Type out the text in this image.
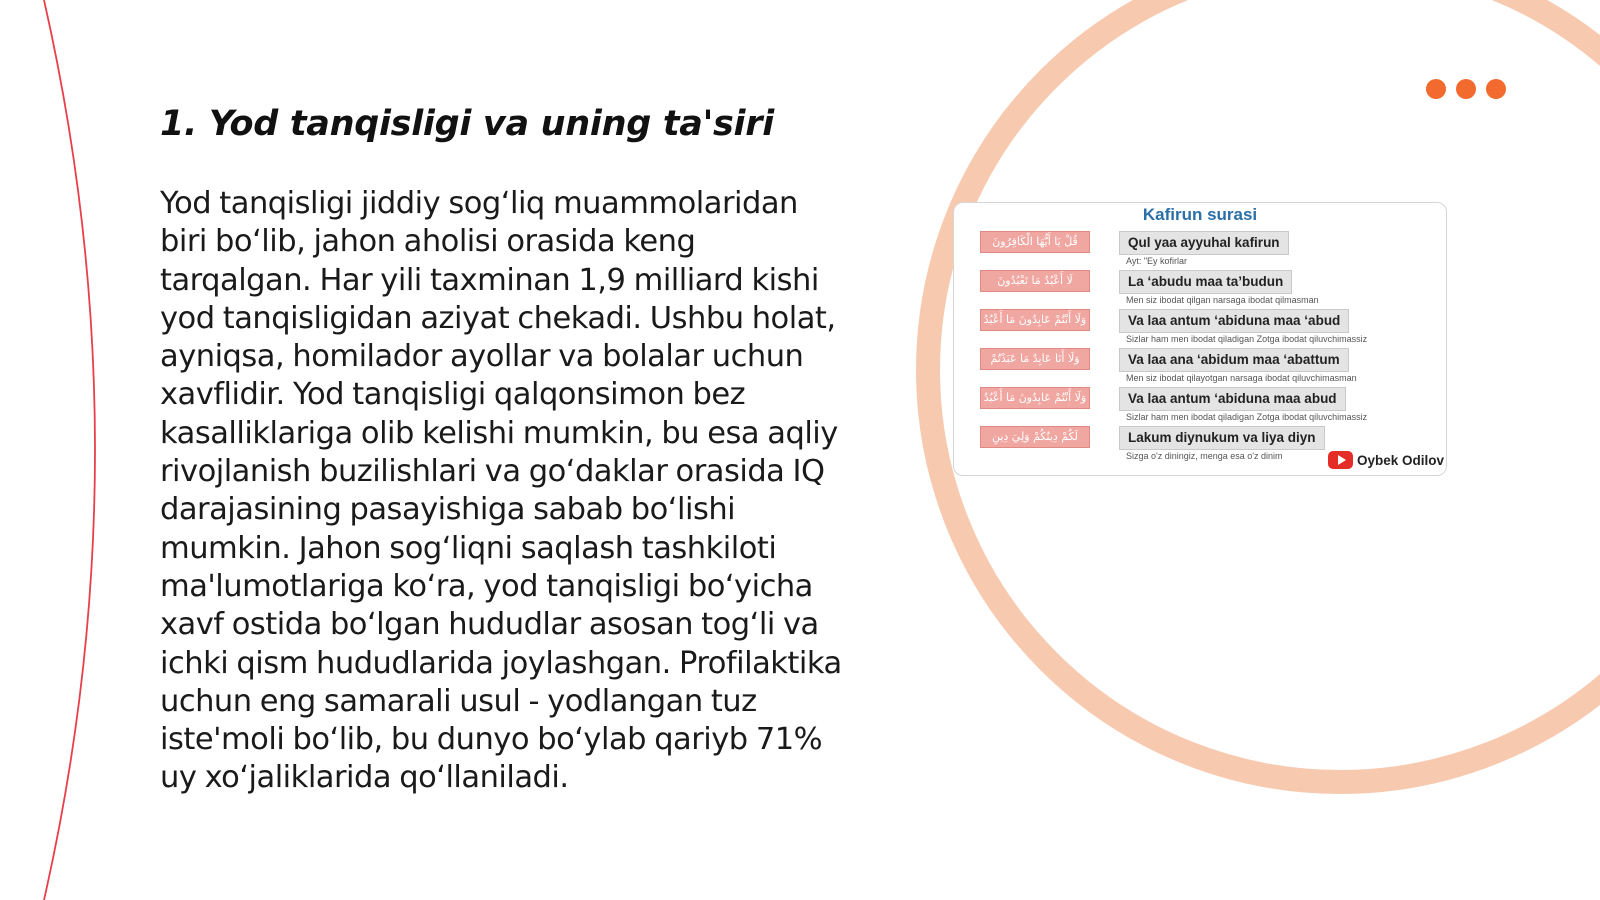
1. Yod tanqisligi va uning ta'siri

Yod tanqisligi jiddiy sogʻliq muammolaridan biri boʻlib, jahon aholisi orasida keng tarqalgan. Har yili taxminan 1,9 milliard kishi yod tanqisligidan aziyat chekadi. Ushbu holat, ayniqsa, homilador ayollar va bolalar uchun xavflidir. Yod tanqisligi qalqonsimon bez kasalliklariga olib kelishi mumkin, bu esa aqliy rivojlanish buzilishlari va goʻdaklar orasida IQ darajasining pasayishiga sabab boʻlishi mumkin. Jahon sogʻliqni saqlash tashkiloti ma'lumotlariga koʻra, yod tanqisligi boʻyicha xavf ostida boʻlgan hududlar asosan togʻli va ichki qism hududlarida joylashgan. Profilaktika uchun eng samarali usul - yodlangan tuz iste'moli boʻlib, bu dunyo boʻylab qariyb 71% uy xoʻjaliklarida qoʻllaniladi.

Kafirun surasi
قُلْ يَا أَيُّهَا الْكَافِرُونَ	Qul yaa ayyuhal kafirun
Ayt: "Ey kofirlar
لَا أَعْبُدُ مَا تَعْبُدُونَ	La ‘abudu maa ta’budun
Men siz ibodat qilgan narsaga ibodat qilmasman
وَلَا أَنْتُمْ عَابِدُونَ مَا أَعْبُدُ	Va laa antum ‘abiduna maa ‘abud
Sizlar ham men ibodat qiladigan Zotga ibodat qiluvchimassiz
وَلَا أَنَا عَابِدٌ مَا عَبَدْتُمْ	Va laa ana ‘abidum maa ‘abattum
Men siz ibodat qilayotgan narsaga ibodat qiluvchimasman
وَلَا أَنْتُمْ عَابِدُونَ مَا أَعْبُدُ	Va laa antum ‘abiduna maa abud
Sizlar ham men ibodat qiladigan Zotga ibodat qiluvchimassiz
لَكُمْ دِينُكُمْ وَلِيَ دِينِ	Lakum diynukum va liya diyn
Sizga o'z diningiz, menga esa o'z dinim	Oybek Odilov
